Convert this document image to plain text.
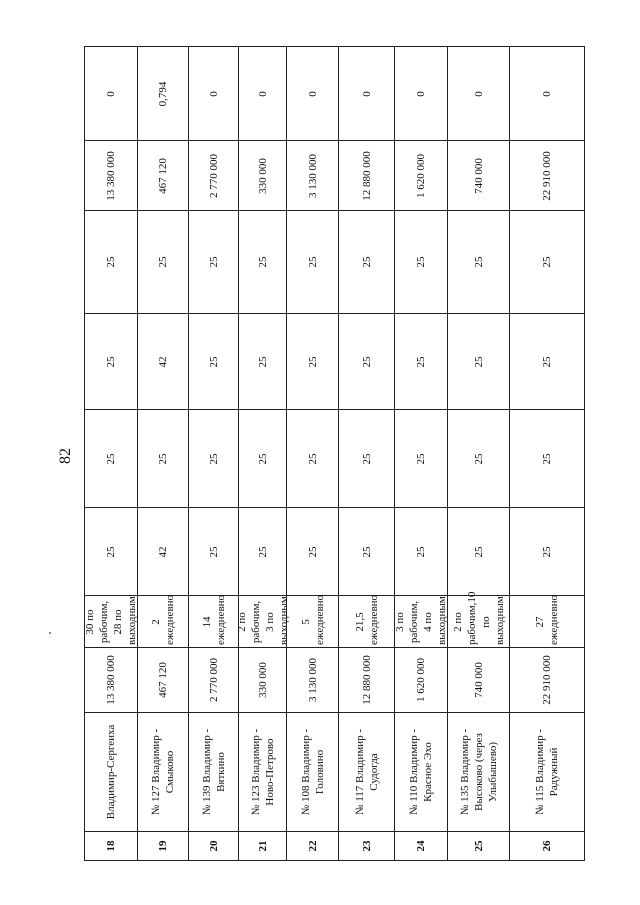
82
0
13 380 000
25
25
25
25
30 по рабочим, 28 по выходным
13 380 000
Владимир-Сергеиха
18
0,794
467 120
25
42
25
42
2 ежедневно
467 120
№ 127 Владимир - Смыково
19
0
2 770 000
25
25
25
25
14 ежедневно
2 770 000
№ 139 Владимир - Вяткино
20
0
330 000
25
25
25
25
2 по рабочим, 3 по выходным
330 000
№ 123 Владимир - Ново-Петрово
21
0
3 130 000
25
25
25
25
5 ежедневно
3 130 000
№ 108 Владимир - Головино
22
0
12 880 000
25
25
25
25
21,5 ежедневно
12 880 000
№ 117 Владимир - Судогда
23
0
1 620 000
25
25
25
25
3 по рабочим, 4 по выходным
1 620 000
№ 110 Владимир - Красное Эхо
24
0
740 000
25
25
25
25
2 по рабочим,10 по выходным
740 000
№ 135 Владимир - Высоково (через Улыбышево)
25
0
22 910 000
25
25
25
25
27 ежедневно
22 910 000
№ 115 Владимир - Радужный
26
